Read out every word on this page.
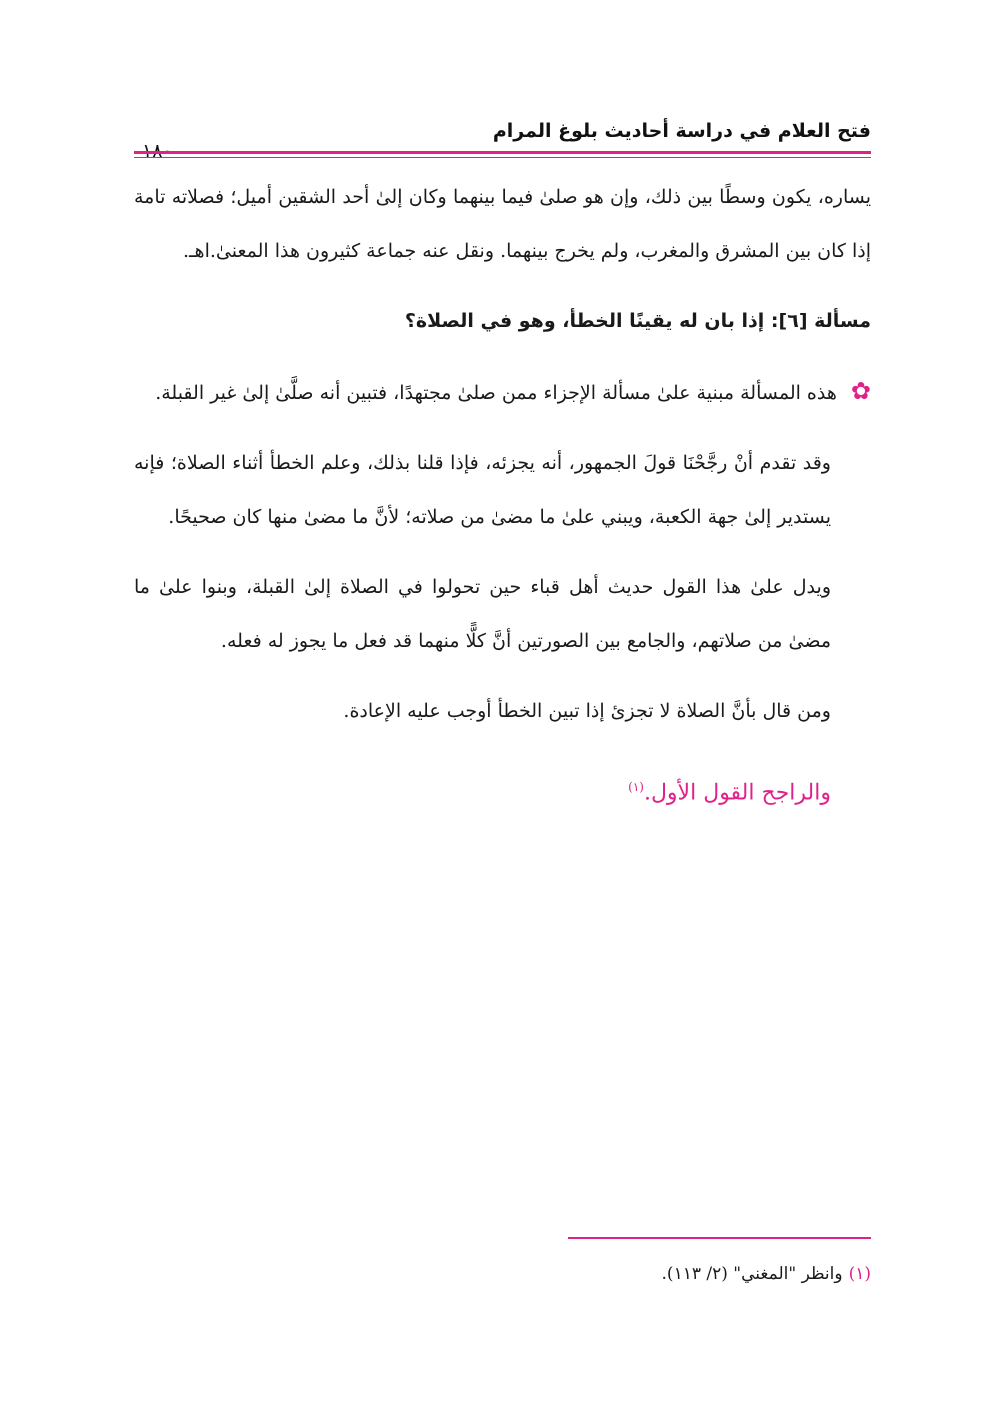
فتح العلام في دراسة أحاديث بلوغ المرام

يساره، يكون وسطًا بين ذلك، وإن هو صلىٰ فيما بينهما وكان إلىٰ أحد الشقين أميل؛ فصلاته تامة إذا كان بين المشرق والمغرب، ولم يخرج بينهما. ونقل عنه جماعة كثيرون هذا المعنىٰ.اهـ.

مسألة [٦]: إذا بان له يقينًا الخطأ، وهو في الصلاة؟

✿هذه المسألة مبنية علىٰ مسألة الإجزاء ممن صلىٰ مجتهدًا، فتبين أنه صلَّىٰ إلىٰ غير القبلة.

وقد تقدم أنْ رجَّحْنَا قولَ الجمهور، أنه يجزئه، فإذا قلنا بذلك، وعلم الخطأ أثناء الصلاة؛ فإنه يستدير إلىٰ جهة الكعبة، ويبني علىٰ ما مضىٰ من صلاته؛ لأنَّ ما مضىٰ منها كان صحيحًا.

ويدل علىٰ هذا القول حديث أهل قباء حين تحولوا في الصلاة إلىٰ القبلة، وبنوا علىٰ ما مضىٰ من صلاتهم، والجامع بين الصورتين أنَّ كلًّا منهما قد فعل ما يجوز له فعله.

ومن قال بأنَّ الصلاة لا تجزئ إذا تبين الخطأ أوجب عليه الإعادة.

والراجح القول الأول.$^{(١)}$

(١)وانظر "المغني" (٢/ ١١٣).
